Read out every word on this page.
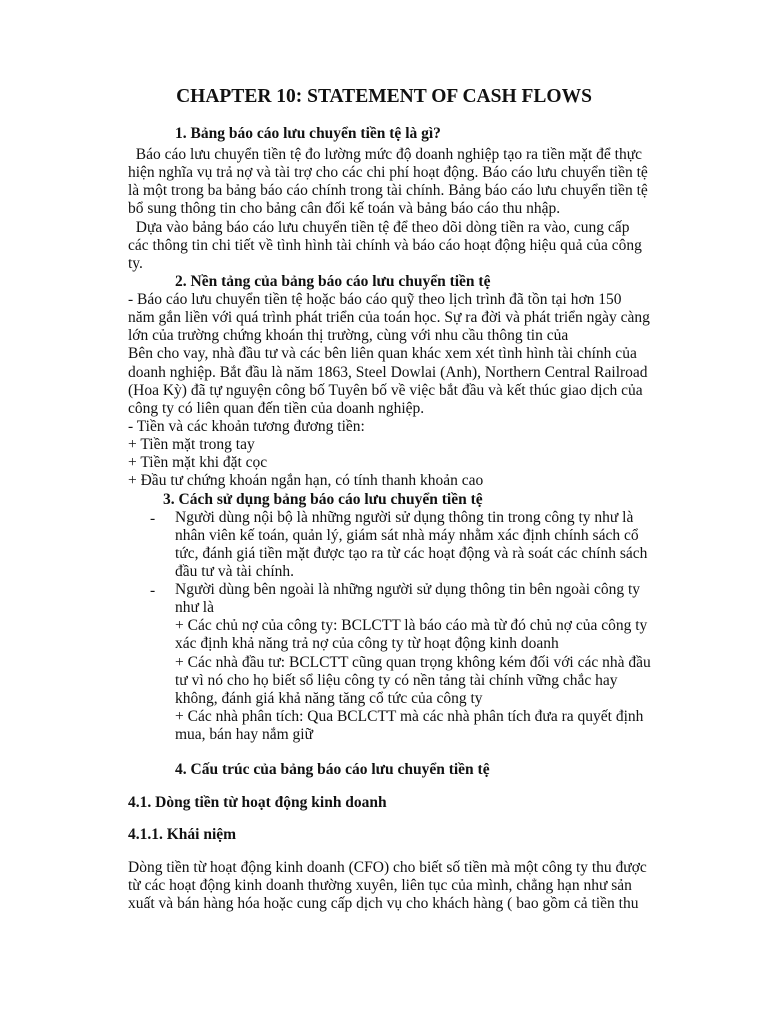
CHAPTER 10: STATEMENT OF CASH FLOWS
1. Bảng báo cáo lưu chuyển tiền tệ là gì?
Báo cáo lưu chuyển tiền tệ đo lường mức độ doanh nghiệp tạo ra tiền mặt để thực
hiện nghĩa vụ trả nợ và tài trợ cho các chi phí hoạt động. Báo cáo lưu chuyển tiền tệ
là một trong ba bảng báo cáo chính trong tài chính. Bảng báo cáo lưu chuyển tiền tệ
bổ sung thông tin cho bảng cân đối kế toán và bảng báo cáo thu nhập.
Dựa vào bảng báo cáo lưu chuyển tiền tệ để theo dõi dòng tiền ra vào, cung cấp
các thông tin chi tiết về tình hình tài chính và báo cáo hoạt động hiệu quả của công
ty.
2. Nền tảng của bảng báo cáo lưu chuyển tiền tệ
- Báo cáo lưu chuyển tiền tệ hoặc báo cáo quỹ theo lịch trình đã tồn tại hơn 150
năm gắn liền với quá trình phát triển của toán học. Sự ra đời và phát triển ngày càng
lớn của trường chứng khoán thị trường, cùng với nhu cầu thông tin của
Bên cho vay, nhà đầu tư và các bên liên quan khác xem xét tình hình tài chính của
doanh nghiệp. Bắt đầu là năm 1863, Steel Dowlai (Anh), Northern Central Railroad
(Hoa Kỳ) đã tự nguyện công bố Tuyên bố về việc bắt đầu và kết thúc giao dịch của
công ty có liên quan đến tiền của doanh nghiệp.
- Tiền và các khoản tương đương tiền:
+ Tiền mặt trong tay
+ Tiền mặt khi đặt cọc
+ Đầu tư chứng khoán ngắn hạn, có tính thanh khoản cao
3. Cách sử dụng bảng báo cáo lưu chuyển tiền tệ
- Người dùng nội bộ là những người sử dụng thông tin trong công ty như là
nhân viên kế toán, quản lý, giám sát nhà máy nhằm xác định chính sách cổ
tức, đánh giá tiền mặt được tạo ra từ các hoạt động và rà soát các chính sách
đầu tư và tài chính.
- Người dùng bên ngoài là những người sử dụng thông tin bên ngoài công ty
như là
+ Các chủ nợ của công ty: BCLCTT là báo cáo mà từ đó chủ nợ của công ty
xác định khả năng trả nợ của công ty từ hoạt động kinh doanh
+ Các nhà đầu tư: BCLCTT cũng quan trọng không kém đối với các nhà đầu
tư vì nó cho họ biết sổ liệu công ty có nền tảng tài chính vững chắc hay
không, đánh giá khả năng tăng cổ tức của công ty
+ Các nhà phân tích: Qua BCLCTT mà các nhà phân tích đưa ra quyết định
mua, bán hay nắm giữ
4. Cấu trúc của bảng báo cáo lưu chuyển tiền tệ
4.1. Dòng tiền từ hoạt động kinh doanh
4.1.1. Khái niệm
Dòng tiền từ hoạt động kinh doanh (CFO) cho biết số tiền mà một công ty thu được
từ các hoạt động kinh doanh thường xuyên, liên tục của mình, chẳng hạn như sản
xuất và bán hàng hóa hoặc cung cấp dịch vụ cho khách hàng ( bao gồm cả tiền thu
